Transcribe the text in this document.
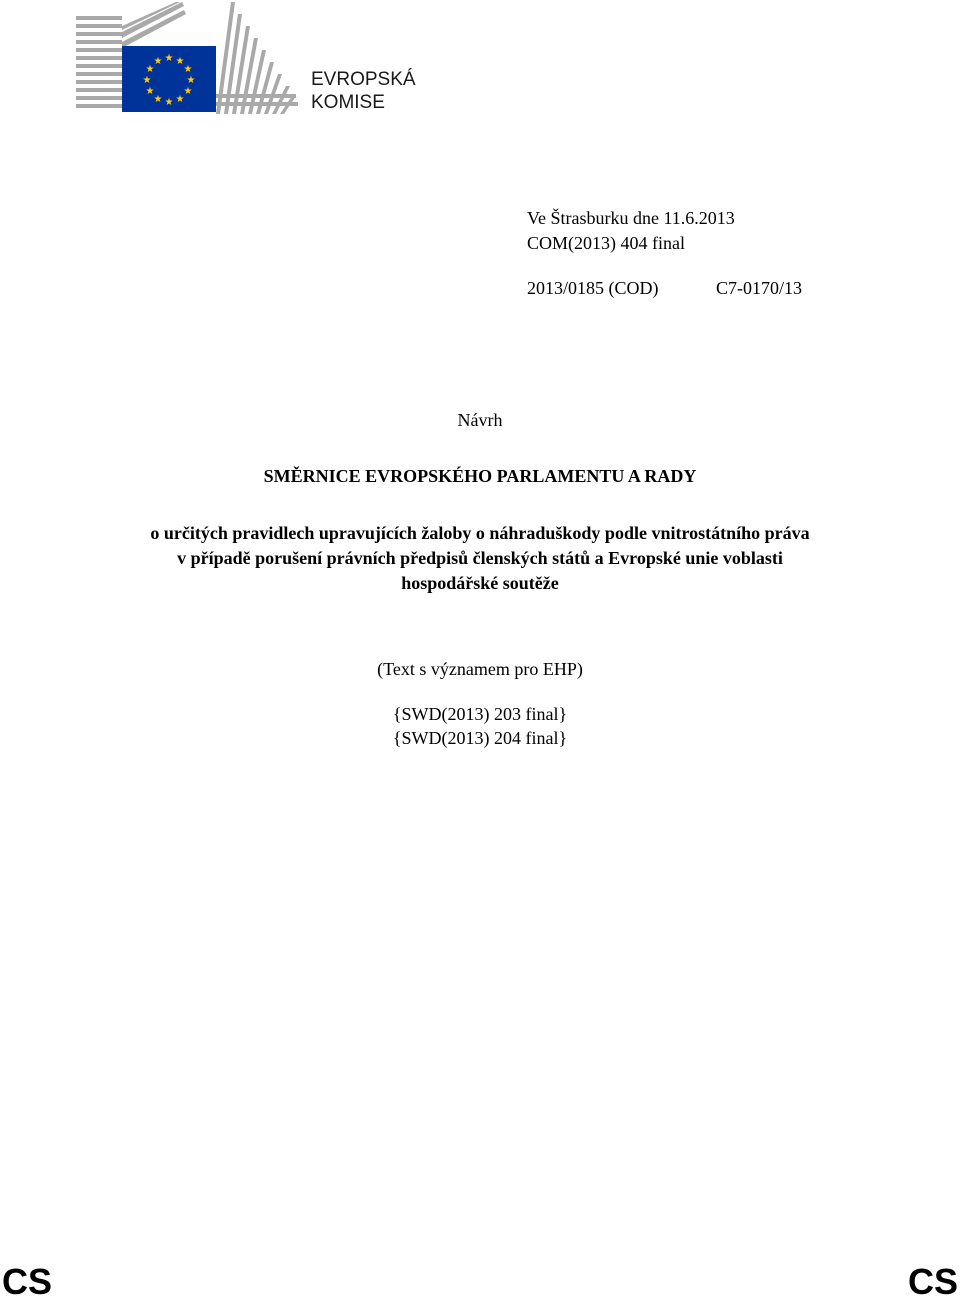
★ ★
★
★
★
★
★
★
★
★
★
★
EVROPSKÁ
KOMISE
Ve Štrasburku dne 11.6.2013
COM(2013) 404 final
2013/0185 (COD)	C7-0170/13
Návrh
SMĚRNICE EVROPSKÉHO PARLAMENTU A RADY
o určitých pravidlech upravujících žaloby o náhraduškody podle vnitrostátního práva
v případě porušení právních předpisů členských států a Evropské unie voblasti
hospodářské soutěže
(Text s významem pro EHP)
{SWD(2013) 203 final}
{SWD(2013) 204 final}
CS	CS
